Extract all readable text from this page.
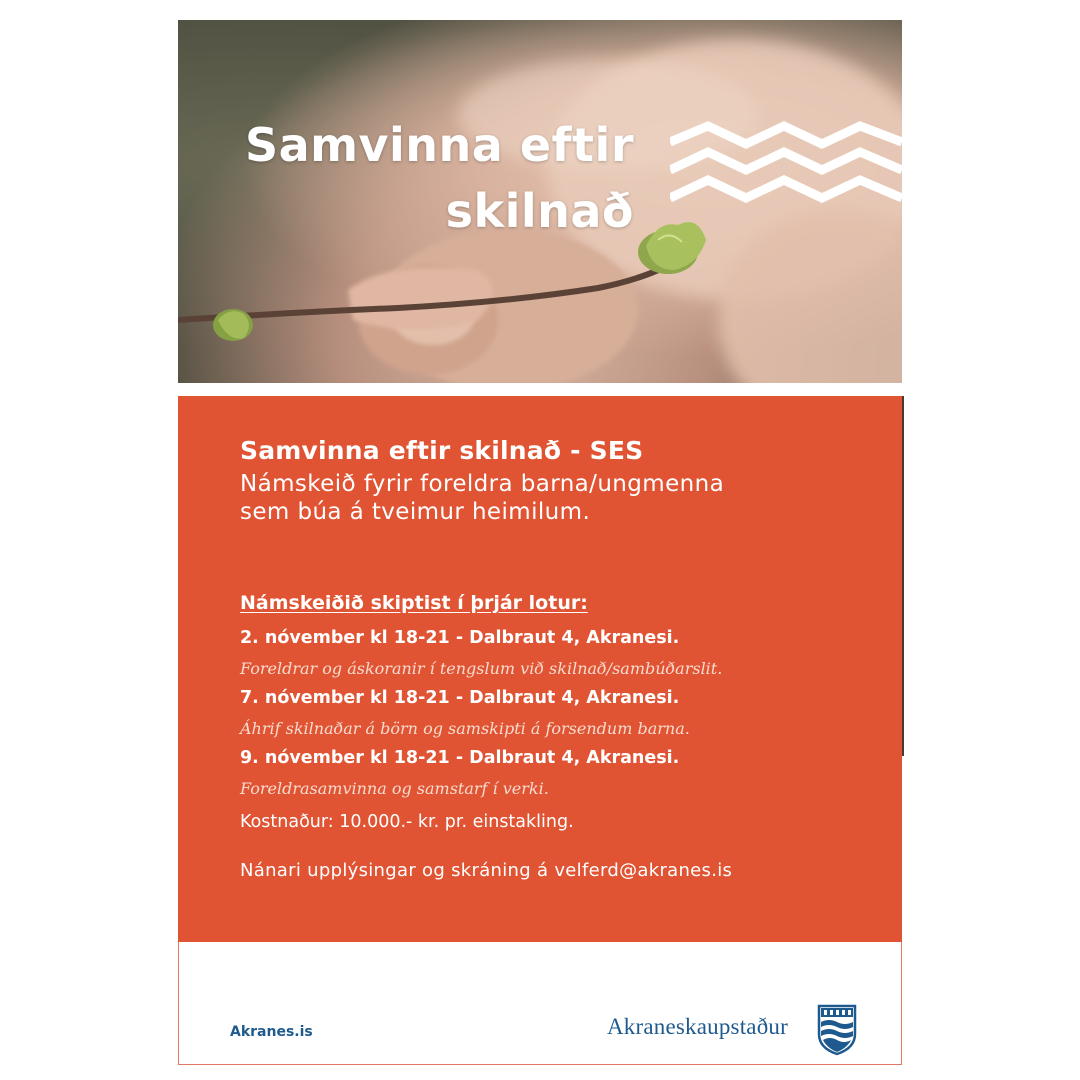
Samvinna eftir
skilnað
Samvinna eftir skilnað - SES
Námskeið fyrir foreldra barna/ungmenna
sem búa á tveimur heimilum.
Námskeiðið skiptist í þrjár lotur:
2. nóvember kl 18-21 - Dalbraut 4, Akranesi.
Foreldrar og áskoranir í tengslum við skilnað/sambúðarslit.
7. nóvember kl 18-21 - Dalbraut 4, Akranesi.
Áhrif skilnaðar á börn og samskipti á forsendum barna.
9. nóvember kl 18-21 - Dalbraut 4, Akranesi.
Foreldrasamvinna og samstarf í verki.
Kostnaður: 10.000.- kr. pr. einstakling.
Nánari upplýsingar og skráning á velferd@akranes.is
Akranes.is	Akraneskaupstaður
